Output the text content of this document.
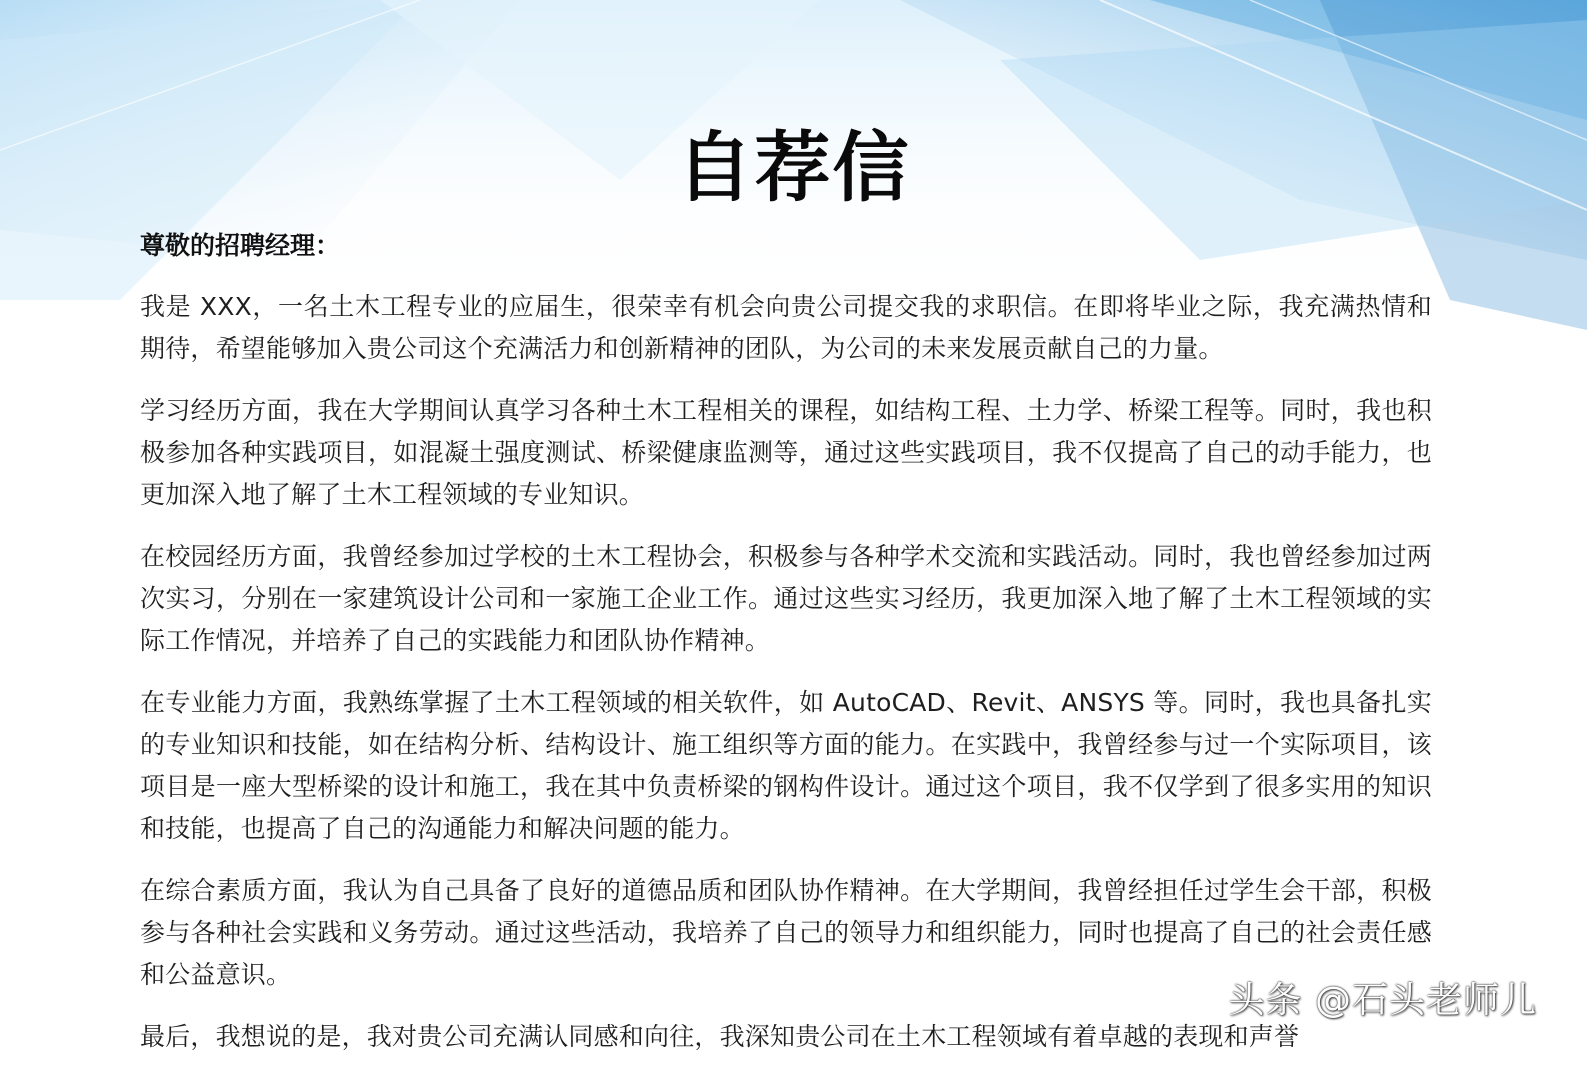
自荐信

尊敬的招聘经理：

我是 XXX，一名土木工程专业的应届生，很荣幸有机会向贵公司提交我的求职信。在即将毕业之际，我充满热情和期待，希望能够加入贵公司这个充满活力和创新精神的团队，为公司的未来发展贡献自己的力量。

学习经历方面，我在大学期间认真学习各种土木工程相关的课程，如结构工程、土力学、桥梁工程等。同时，我也积极参加各种实践项目，如混凝土强度测试、桥梁健康监测等，通过这些实践项目，我不仅提高了自己的动手能力，也更加深入地了解了土木工程领域的专业知识。

在校园经历方面，我曾经参加过学校的土木工程协会，积极参与各种学术交流和实践活动。同时，我也曾经参加过两次实习，分别在一家建筑设计公司和一家施工企业工作。通过这些实习经历，我更加深入地了解了土木工程领域的实际工作情况，并培养了自己的实践能力和团队协作精神。

在专业能力方面，我熟练掌握了土木工程领域的相关软件，如 AutoCAD、Revit、ANSYS 等。同时，我也具备扎实的专业知识和技能，如在结构分析、结构设计、施工组织等方面的能力。在实践中，我曾经参与过一个实际项目，该项目是一座大型桥梁的设计和施工，我在其中负责桥梁的钢构件设计。通过这个项目，我不仅学到了很多实用的知识和技能，也提高了自己的沟通能力和解决问题的能力。

在综合素质方面，我认为自己具备了良好的道德品质和团队协作精神。在大学期间，我曾经担任过学生会干部，积极参与各种社会实践和义务劳动。通过这些活动，我培养了自己的领导力和组织能力，同时也提高了自己的社会责任感和公益意识。

最后，我想说的是，我对贵公司充满认同感和向往，我深知贵公司在土木工程领域有着卓越的表现和声誉

头条 @石头老师儿
